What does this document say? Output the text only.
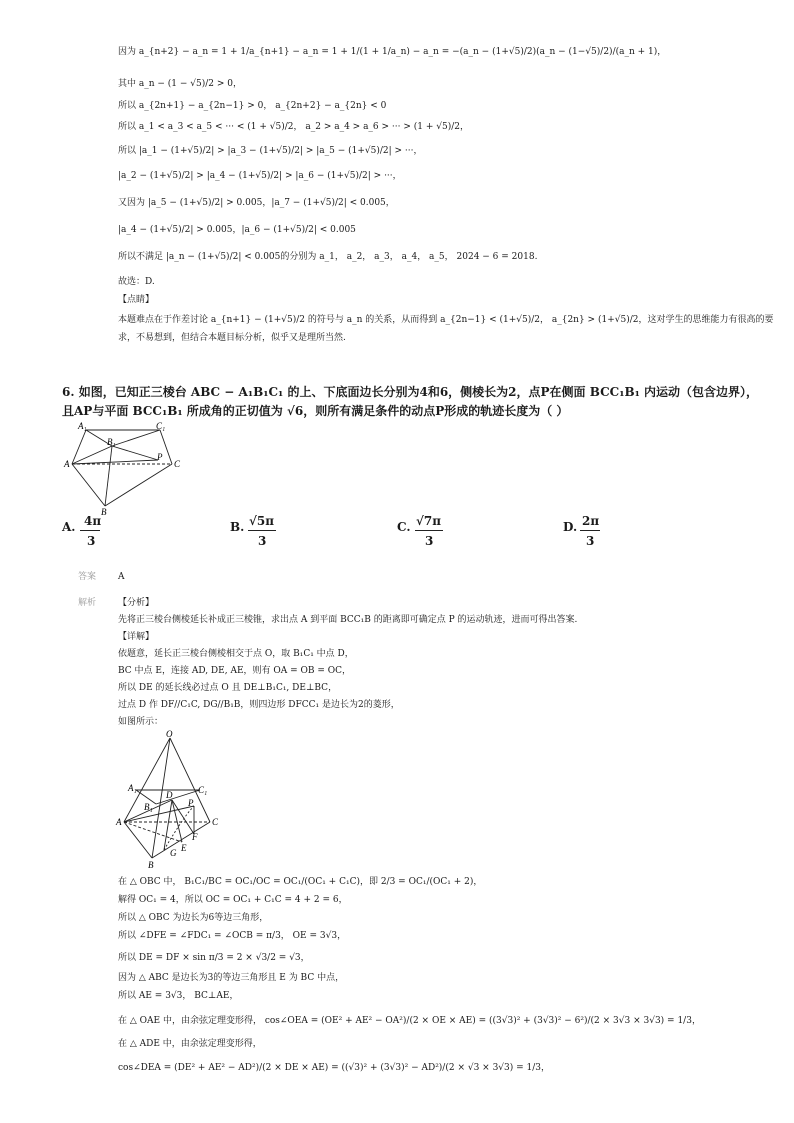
因为 a_{n+2} − a_n = 1 + 1/a_{n+1} − a_n = 1 + 1/(1 + 1/a_n) − a_n = −(a_n − (1+√5)/2)(a_n − (1−√5)/2)/(a_n + 1)，
其中 a_n − (1 − √5)/2 > 0，
所以 a_{2n+1} − a_{2n−1} > 0， a_{2n+2} − a_{2n} < 0
所以 a_1 < a_3 < a_5 < ··· < (1 + √5)/2， a_2 > a_4 > a_6 > ··· > (1 + √5)/2，
所以 |a_1 − (1+√5)/2| > |a_3 − (1+√5)/2| > |a_5 − (1+√5)/2| > ···，
|a_2 − (1+√5)/2| > |a_4 − (1+√5)/2| > |a_6 − (1+√5)/2| > ···，
又因为 |a_5 − (1+√5)/2| > 0.005，|a_7 − (1+√5)/2| < 0.005，
|a_4 − (1+√5)/2| > 0.005，|a_6 − (1+√5)/2| < 0.005
所以不满足 |a_n − (1+√5)/2| < 0.005的分别为 a_1， a_2， a_3， a_4， a_5， 2024 − 6 = 2018.
故选：D.
【点睛】
本题难点在于作差讨论 a_{n+1} − (1+√5)/2 的符号与 a_n 的关系，从而得到 a_{2n−1} < (1+√5)/2， a_{2n} > (1+√5)/2，这对学生的思维能力有很高的要
求，不易想到，但结合本题目标分析，似乎又是理所当然.
6. 如图，已知正三棱台 ABC − A₁B₁C₁ 的上、下底面边长分别为4和6，侧棱长为2，点P在侧面 BCC₁B₁ 内运动（包含边界），
且AP与平面 BCC₁B₁ 所成角的正切值为 √6，则所有满足条件的动点P形成的轨迹长度为（ ）
A₁
B₁
C₁
A
B
C
P
A. 4π
3
B. √5π
3
C. √7π
3
D. 2π
3
答案 A
解析 【分析】
先将正三棱台侧棱延长补成正三棱锥，求出点 A 到平面 BCC₁B 的距离即可确定点 P 的运动轨迹，进而可得出答案.
【详解】
依题意，延长正三棱台侧棱相交于点 O，取 B₁C₁ 中点 D，
BC 中点 E，连接 AD, DE, AE，则有 OA = OB = OC，
所以 DE 的延长线必过点 O 且 DE⊥B₁C₁, DE⊥BC，
过点 D 作 DF//C₁C, DG//B₁B，则四边形 DFCC₁ 是边长为2的菱形，
如图所示：
O
A₁	C₁
B₁
D
P
A	C
F
G E
B
在 △ OBC 中， B₁C₁/BC = OC₁/OC = OC₁/(OC₁ + C₁C)，即 2/3 = OC₁/(OC₁ + 2)，
解得 OC₁ = 4，所以 OC = OC₁ + C₁C = 4 + 2 = 6，
所以 △ OBC 为边长为6等边三角形，
所以 ∠DFE = ∠FDC₁ = ∠OCB = π/3， OE = 3√3，
所以 DE = DF × sin π/3 = 2 × √3/2 = √3，
因为 △ ABC 是边长为3的等边三角形且 E 为 BC 中点，
所以 AE = 3√3， BC⊥AE，
在 △ OAE 中，由余弦定理变形得， cos∠OEA = (OE² + AE² − OA²)/(2 × OE × AE) = ((3√3)² + (3√3)² − 6²)/(2 × 3√3 × 3√3) = 1/3，
在 △ ADE 中，由余弦定理变形得，
cos∠DEA = (DE² + AE² − AD²)/(2 × DE × AE) = ((√3)² + (3√3)² − AD²)/(2 × √3 × 3√3) = 1/3，
